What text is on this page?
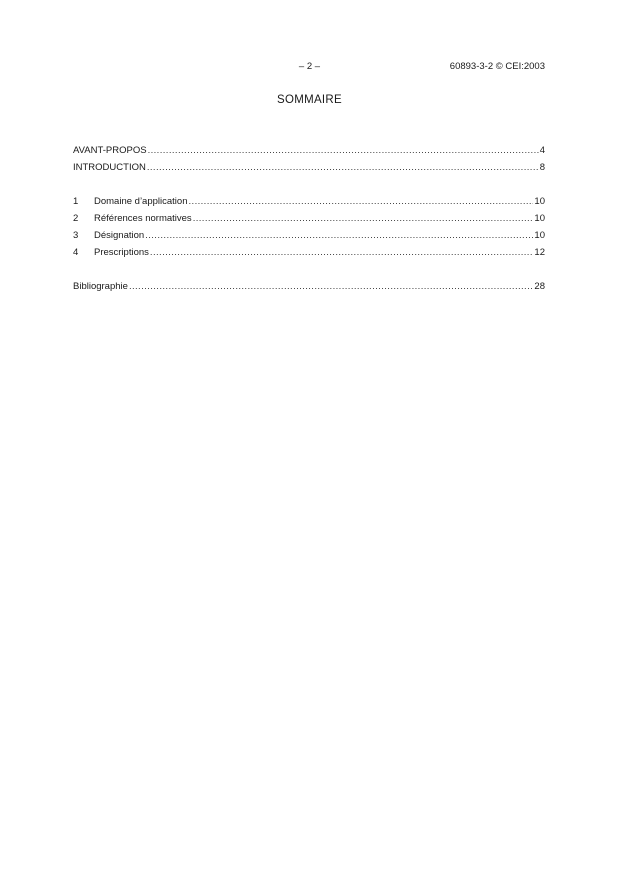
– 2 –	60893-3-2 © CEI:2003
SOMMAIRE
AVANT-PROPOS .....	4
INTRODUCTION .....	8
1	Domaine d’application .....	10
2	Références normatives .....	10
3	Désignation .....	10
4	Prescriptions .....	12
Bibliographie .....	28
